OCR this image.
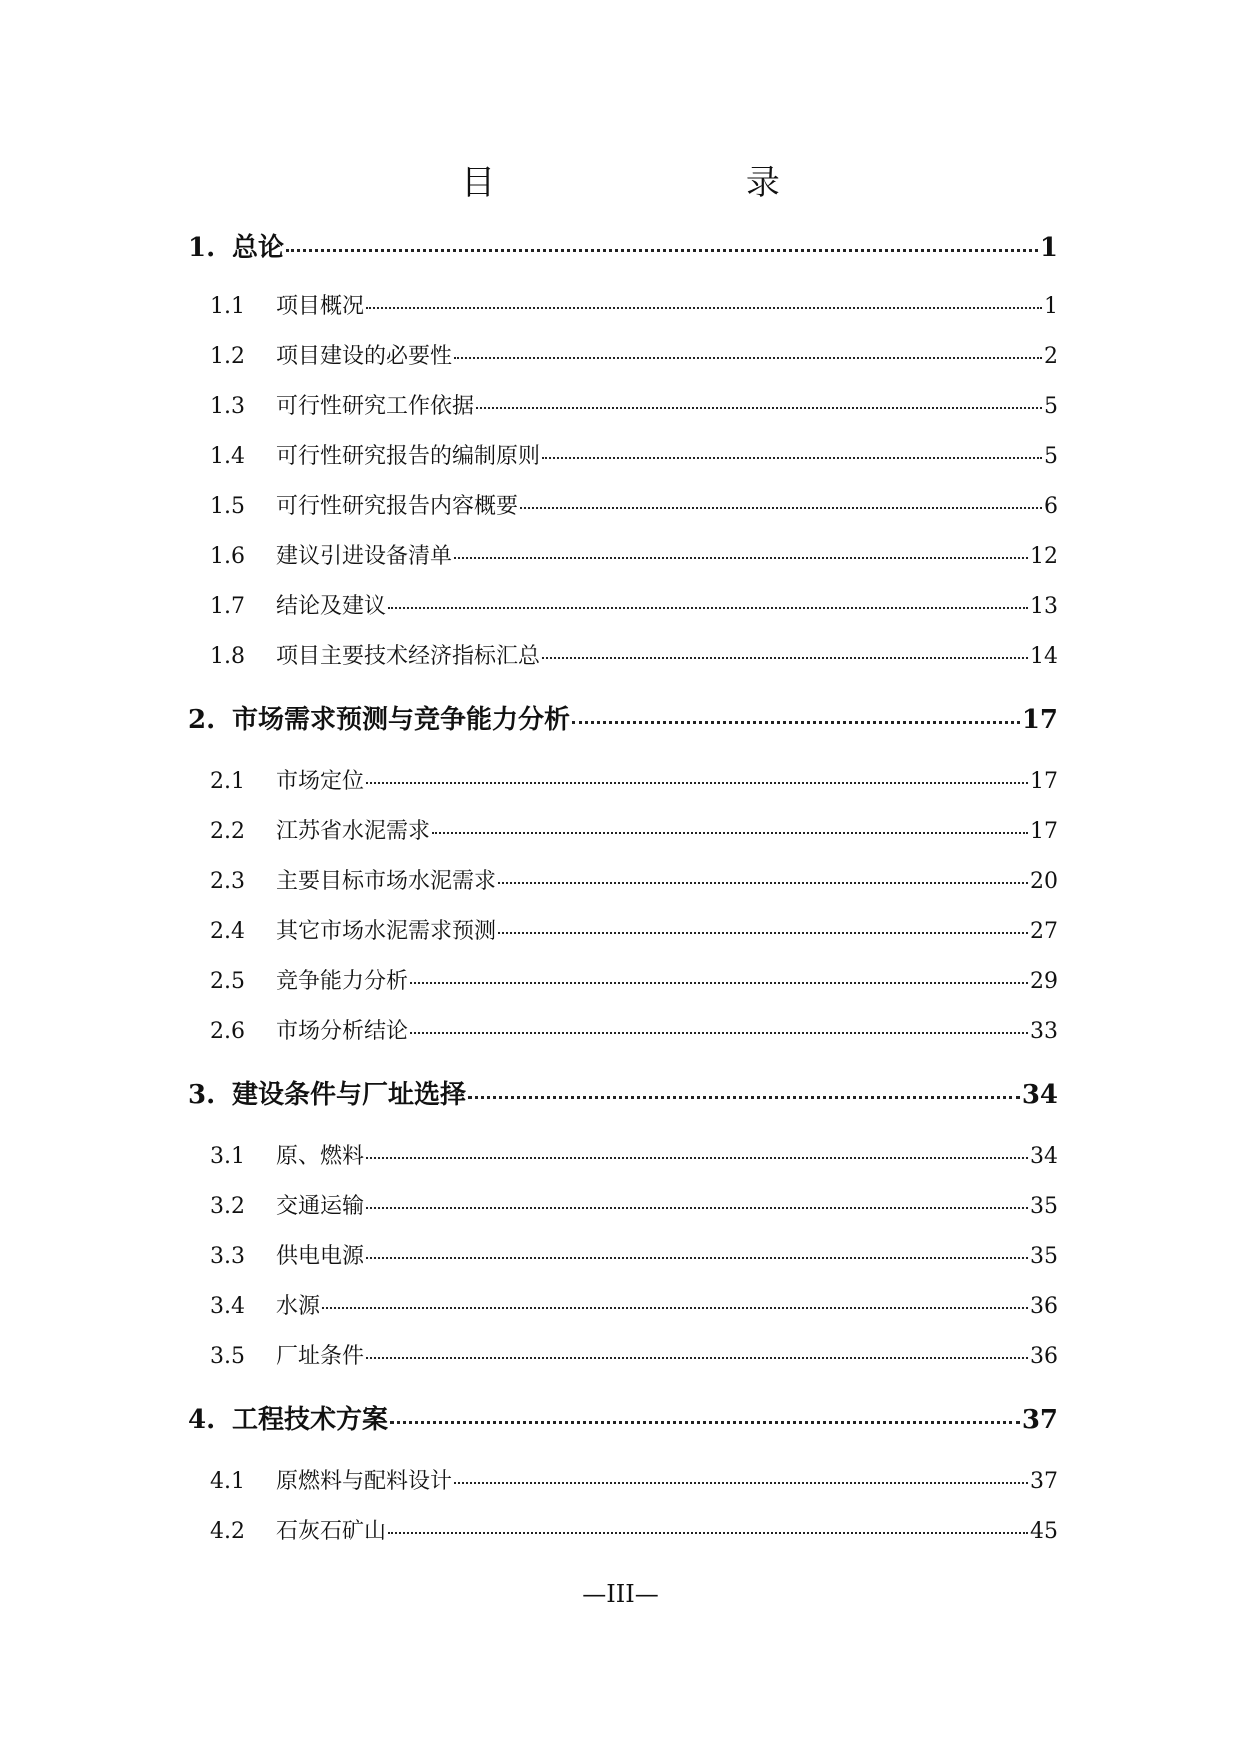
目 录
1. 总论	1
1.1	项目概况	1
1.2	项目建设的必要性	2
1.3	可行性研究工作依据	5
1.4	可行性研究报告的编制原则	5
1.5	可行性研究报告内容概要	6
1.6	建议引进设备清单	12
1.7	结论及建议	13
1.8	项目主要技术经济指标汇总	14
2. 市场需求预测与竞争能力分析	17
2.1	市场定位	17
2.2	江苏省水泥需求	17
2.3	主要目标市场水泥需求	20
2.4	其它市场水泥需求预测	27
2.5	竞争能力分析	29
2.6	市场分析结论	33
3. 建设条件与厂址选择	34
3.1	原、燃料	34
3.2	交通运输	35
3.3	供电电源	35
3.4	水源	36
3.5	厂址条件	36
4. 工程技术方案	37
4.1	原燃料与配料设计	37
4.2	石灰石矿山	45
—III—
